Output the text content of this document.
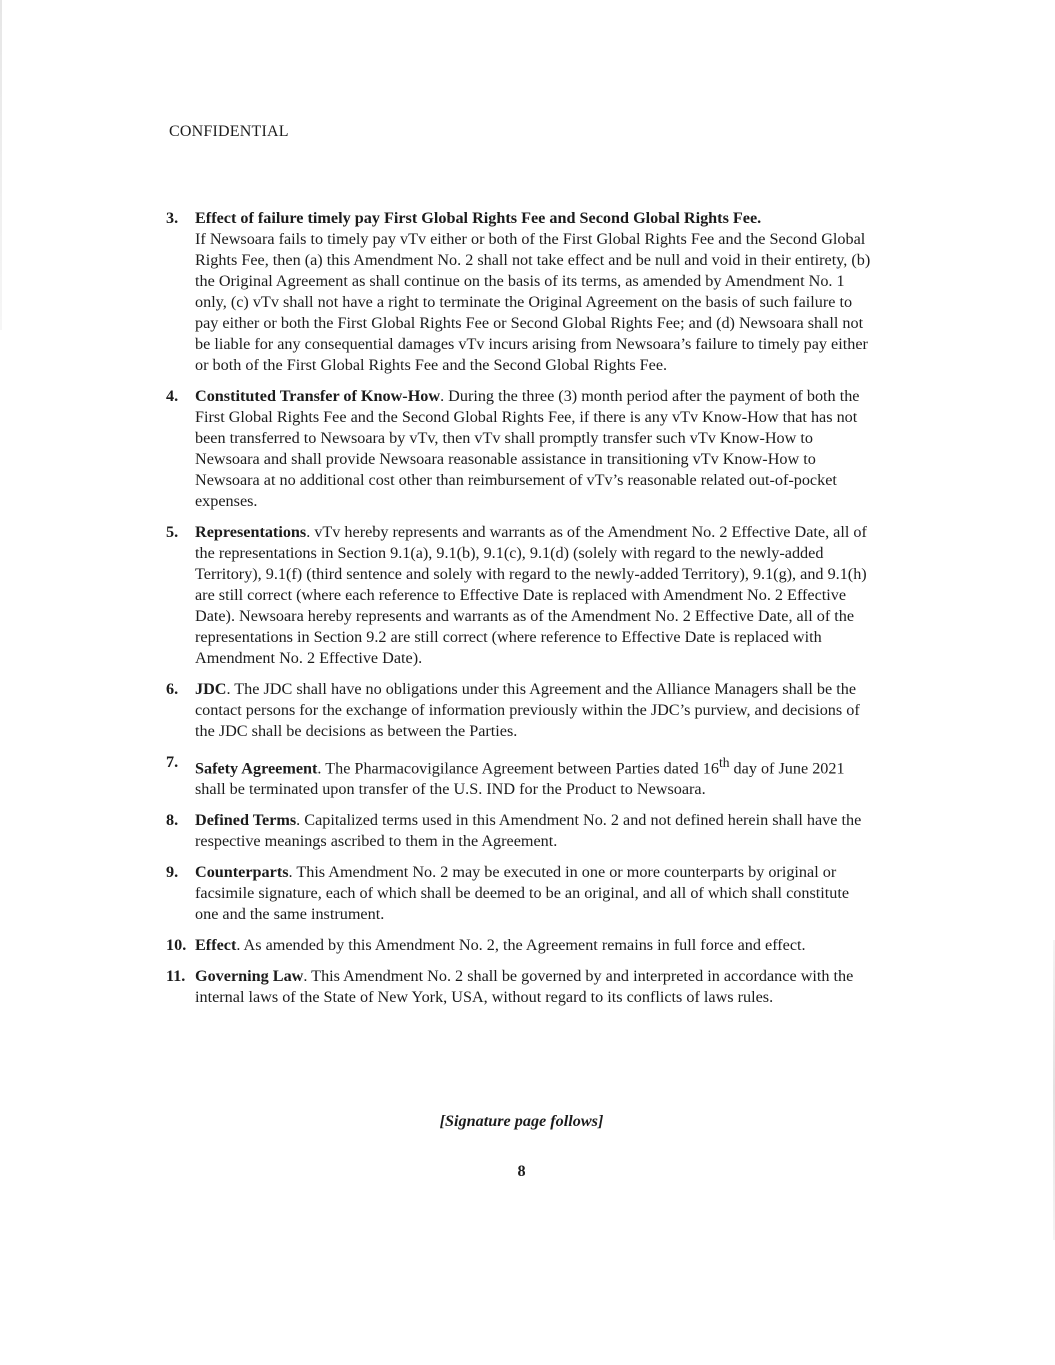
CONFIDENTIAL
3.	Effect of failure timely pay First Global Rights Fee and Second Global Rights Fee.
If Newsoara fails to timely pay vTv either or both of the First Global Rights Fee and the Second Global Rights Fee, then (a) this Amendment No. 2 shall not take effect and be null and void in their entirety, (b) the Original Agreement as shall continue on the basis of its terms, as amended by Amendment No. 1 only, (c) vTv shall not have a right to terminate the Original Agreement on the basis of such failure to pay either or both the First Global Rights Fee or Second Global Rights Fee; and (d) Newsoara shall not be liable for any consequential damages vTv incurs arising from Newsoara’s failure to timely pay either or both of the First Global Rights Fee and the Second Global Rights Fee.
4.	Constituted Transfer of Know-How. During the three (3) month period after the payment of both the First Global Rights Fee and the Second Global Rights Fee, if there is any vTv Know-How that has not been transferred to Newsoara by vTv, then vTv shall promptly transfer such vTv Know-How to Newsoara and shall provide Newsoara reasonable assistance in transitioning vTv Know-How to Newsoara at no additional cost other than reimbursement of vTv’s reasonable related out-of-pocket expenses.
5.	Representations. vTv hereby represents and warrants as of the Amendment No. 2 Effective Date, all of the representations in Section 9.1(a), 9.1(b), 9.1(c), 9.1(d) (solely with regard to the newly-added Territory), 9.1(f) (third sentence and solely with regard to the newly-added Territory), 9.1(g), and 9.1(h) are still correct (where each reference to Effective Date is replaced with Amendment No. 2 Effective Date). Newsoara hereby represents and warrants as of the Amendment No. 2 Effective Date, all of the representations in Section 9.2 are still correct (where reference to Effective Date is replaced with Amendment No. 2 Effective Date).
6.	JDC. The JDC shall have no obligations under this Agreement and the Alliance Managers shall be the contact persons for the exchange of information previously within the JDC’s purview, and decisions of the JDC shall be decisions as between the Parties.
7.	Safety Agreement. The Pharmacovigilance Agreement between Parties dated 16th day of June 2021 shall be terminated upon transfer of the U.S. IND for the Product to Newsoara.
8.	Defined Terms. Capitalized terms used in this Amendment No. 2 and not defined herein shall have the respective meanings ascribed to them in the Agreement.
9.	Counterparts. This Amendment No. 2 may be executed in one or more counterparts by original or facsimile signature, each of which shall be deemed to be an original, and all of which shall constitute one and the same instrument.
10. Effect. As amended by this Amendment No. 2, the Agreement remains in full force and effect.
11. Governing Law. This Amendment No. 2 shall be governed by and interpreted in accordance with the internal laws of the State of New York, USA, without regard to its conflicts of laws rules.
[Signature page follows]
8
